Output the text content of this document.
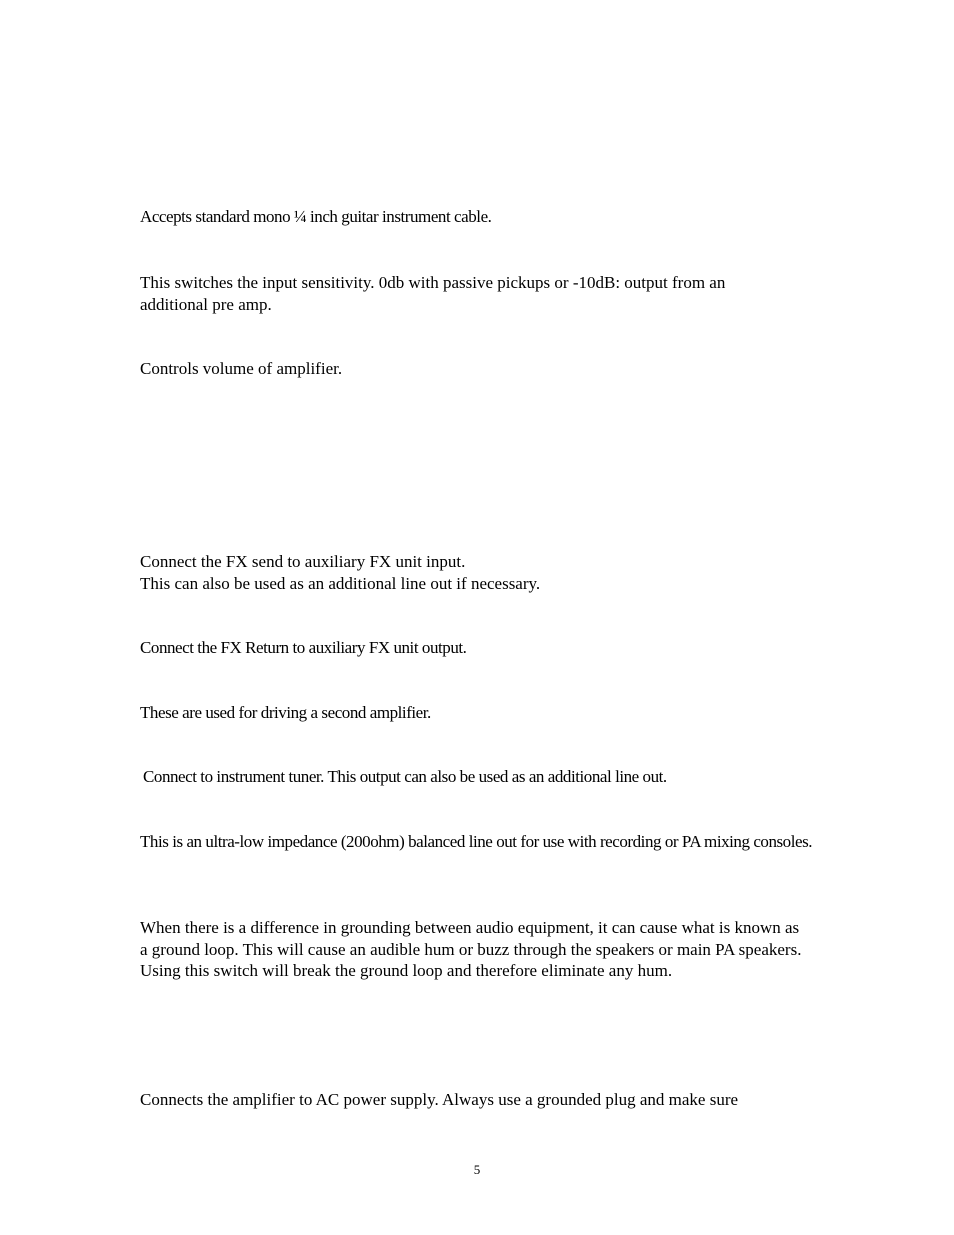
Accepts standard mono ¼ inch guitar instrument cable.

This switches the input sensitivity. 0db with passive pickups or -10dB: output from an additional pre amp.

Controls volume of amplifier.

Connect the FX send to auxiliary FX unit input.

This can also be used as an additional line out if necessary.

Connect the FX Return to auxiliary FX unit output.

These are used for driving a second amplifier.

Connect to instrument tuner. This output can also be used as an additional line out.

This is an ultra-low impedance (200ohm) balanced line out for use with recording or PA mixing consoles.

When there is a difference in grounding between audio equipment, it can cause what is known as a ground loop. This will cause an audible hum or buzz through the speakers or main PA speakers. Using this switch will break the ground loop and therefore eliminate any hum.

Connects the amplifier to AC power supply. Always use a grounded plug and make sure

5
